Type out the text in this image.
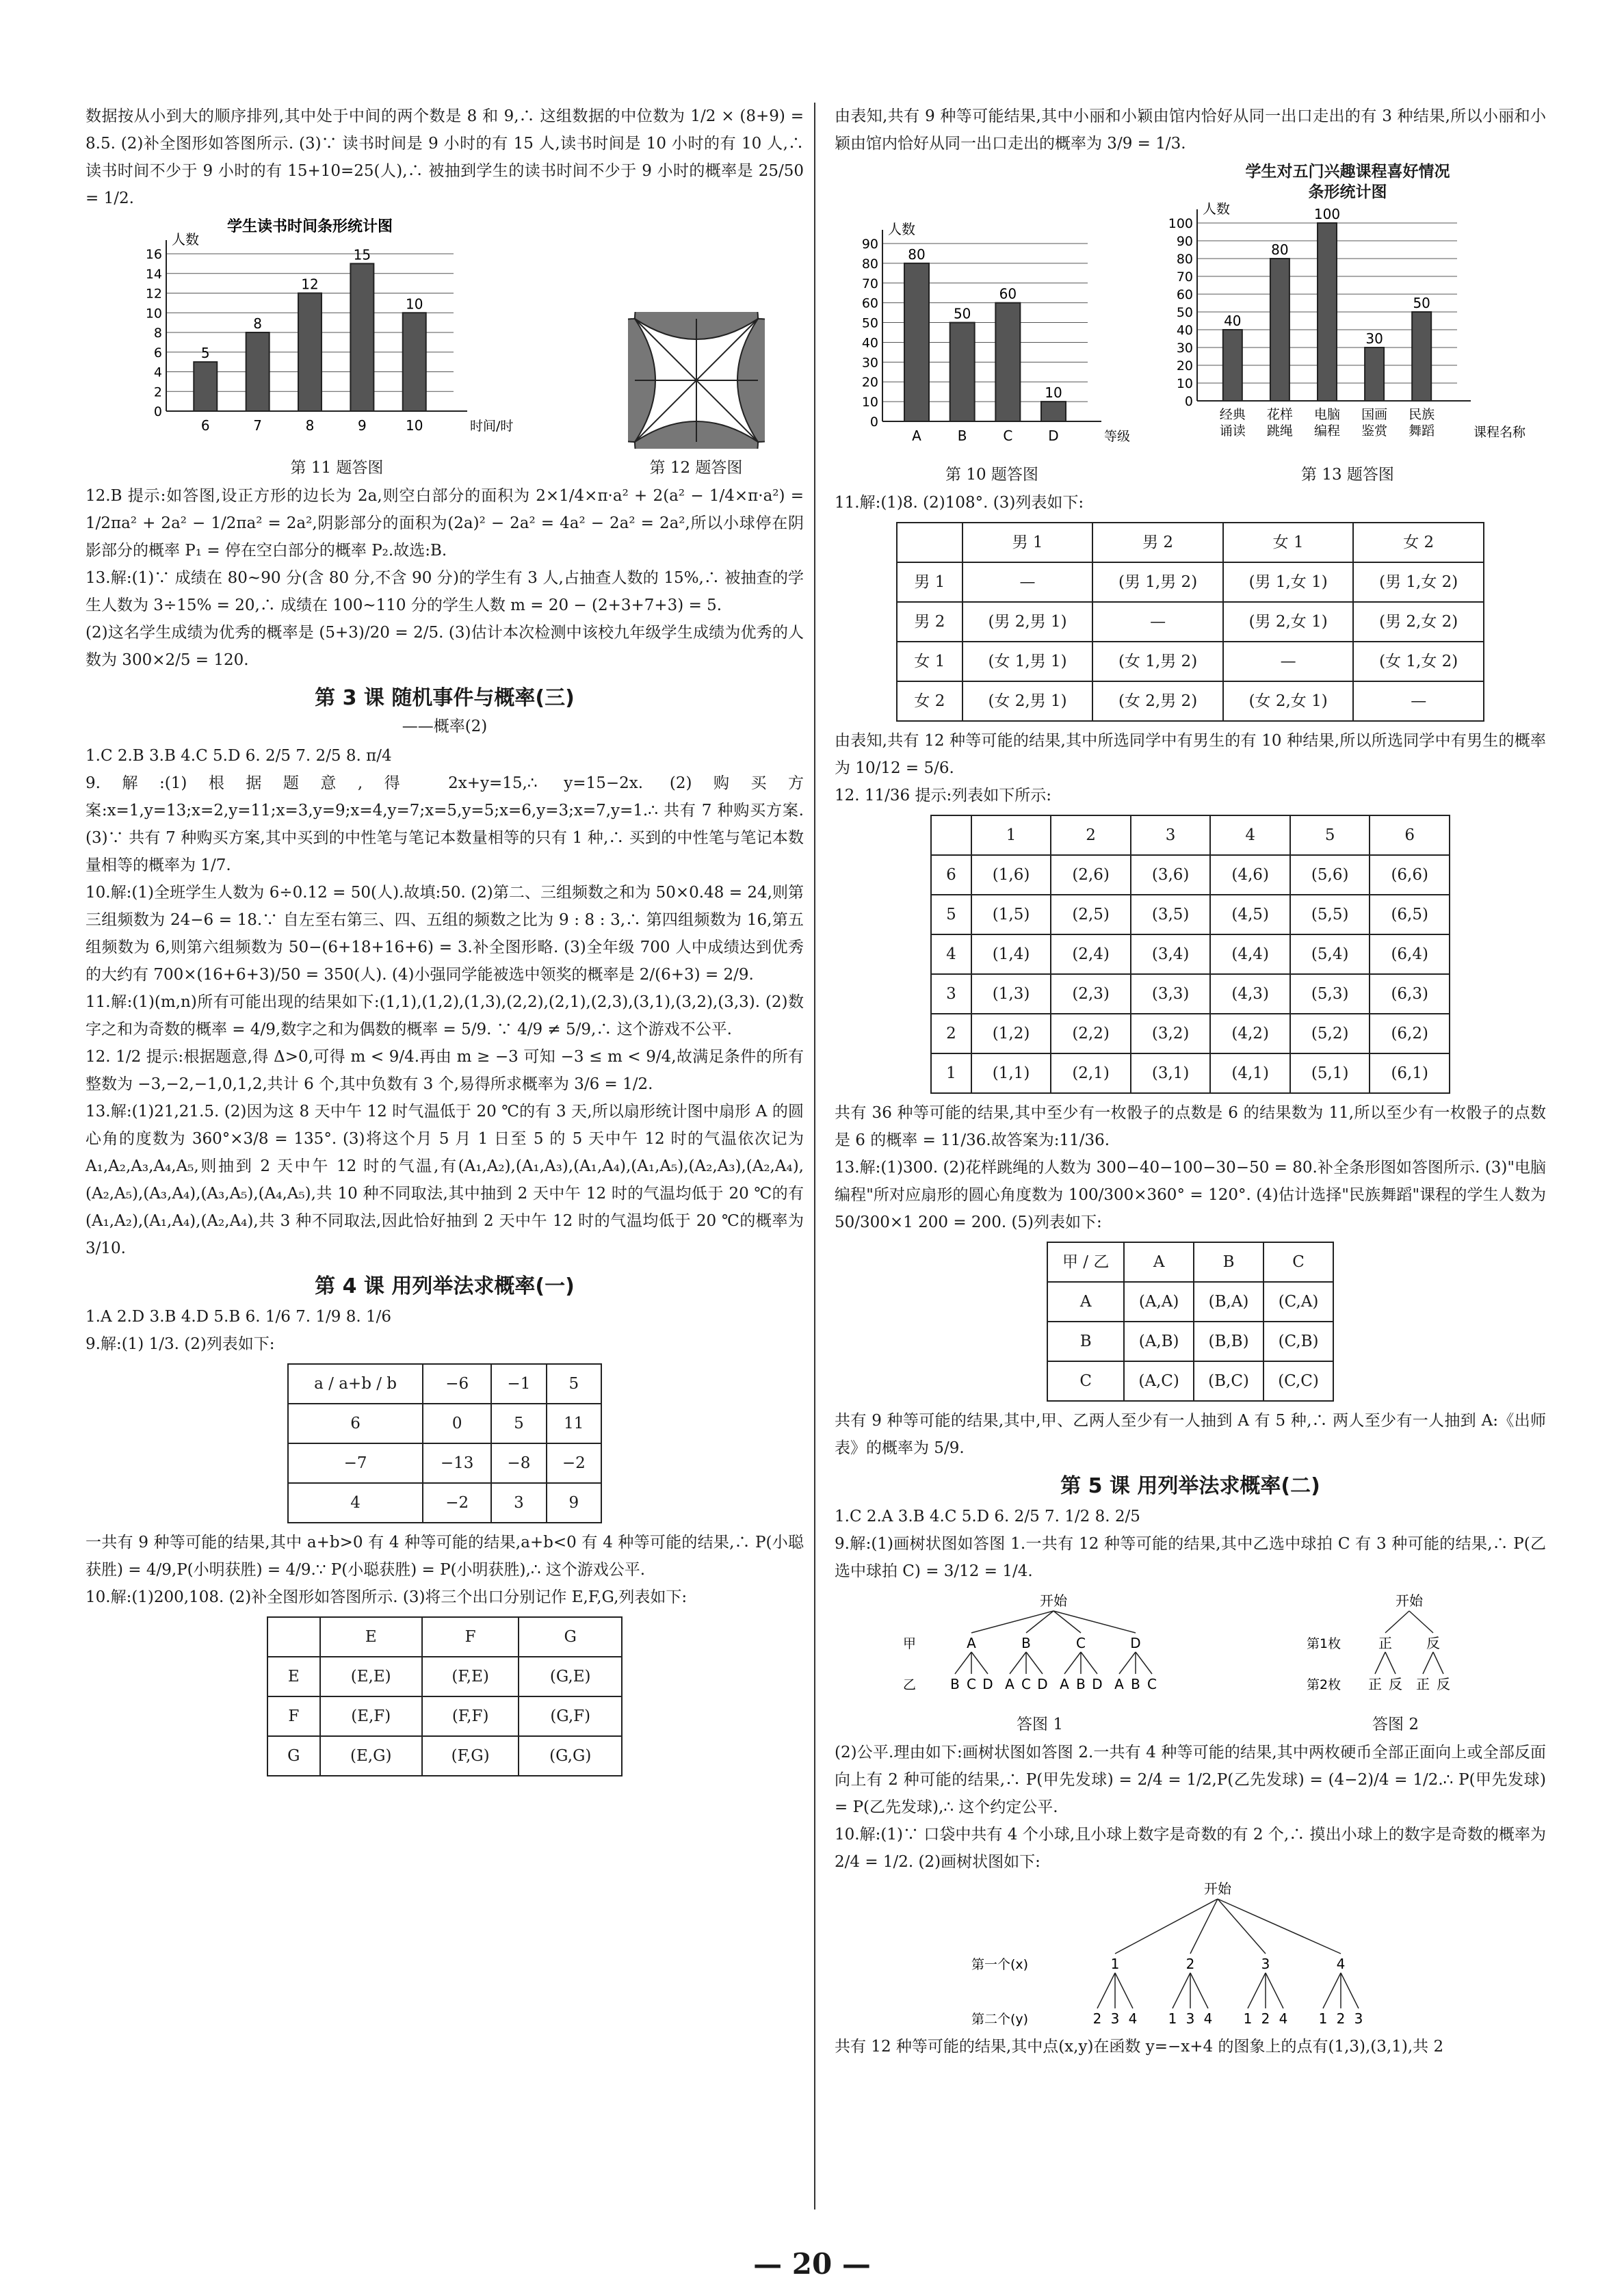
数据按从小到大的顺序排列,其中处于中间的两个数是 8 和 9,∴ 这组数据的中位数为 1/2 × (8+9) = 8.5. (2)补全图形如答图所示. (3)∵ 读书时间是 9 小时的有 15 人,读书时间是 10 小时的有 10 人,∴ 读书时间不少于 9 小时的有 15+10=25(人),∴ 被抽到学生的读书时间不少于 9 小时的概率是 25/50 = 1/2.

学生读书时间条形统计图
人数
0
2
4
6
8
10
12
14
16
时间/时
5
6
8
7
12
8
15
9
10
10
第 11 题答图	第 12 题答图

12.B 提示:如答图,设正方形的边长为 2a,则空白部分的面积为 2×1/4×π·a² + 2(a² − 1/4×π·a²) = 1/2πa² + 2a² − 1/2πa² = 2a²,阴影部分的面积为(2a)² − 2a² = 4a² − 2a² = 2a²,所以小球停在阴影部分的概率 P₁ = 停在空白部分的概率 P₂.故选:B.

13.解:(1)∵ 成绩在 80~90 分(含 80 分,不含 90 分)的学生有 3 人,占抽查人数的 15%,∴ 被抽查的学生人数为 3÷15% = 20,∴ 成绩在 100~110 分的学生人数 m = 20 − (2+3+7+3) = 5.

(2)这名学生成绩为优秀的概率是 (5+3)/20 = 2/5. (3)估计本次检测中该校九年级学生成绩为优秀的人数为 300×2/5 = 120.

第 3 课 随机事件与概率(三)
——概率(2)

1.C 2.B 3.B 4.C 5.D 6. 2/5 7. 2/5 8. π/4

9.解:(1)根据题意,得 2x+y=15,∴ y=15−2x. (2)购买方案:x=1,y=13;x=2,y=11;x=3,y=9;x=4,y=7;x=5,y=5;x=6,y=3;x=7,y=1.∴ 共有 7 种购买方案. (3)∵ 共有 7 种购买方案,其中买到的中性笔与笔记本数量相等的只有 1 种,∴ 买到的中性笔与笔记本数量相等的概率为 1/7.

10.解:(1)全班学生人数为 6÷0.12 = 50(人).故填:50. (2)第二、三组频数之和为 50×0.48 = 24,则第三组频数为 24−6 = 18.∵ 自左至右第三、四、五组的频数之比为 9 : 8 : 3,∴ 第四组频数为 16,第五组频数为 6,则第六组频数为 50−(6+18+16+6) = 3.补全图形略. (3)全年级 700 人中成绩达到优秀的大约有 700×(16+6+3)/50 = 350(人). (4)小强同学能被选中领奖的概率是 2/(6+3) = 2/9.

11.解:(1)(m,n)所有可能出现的结果如下:(1,1),(1,2),(1,3),(2,2),(2,1),(2,3),(3,1),(3,2),(3,3). (2)数字之和为奇数的概率 = 4/9,数字之和为偶数的概率 = 5/9. ∵ 4/9 ≠ 5/9,∴ 这个游戏不公平.

12. 1/2 提示:根据题意,得 Δ>0,可得 m < 9/4.再由 m ≥ −3 可知 −3 ≤ m < 9/4,故满足条件的所有整数为 −3,−2,−1,0,1,2,共计 6 个,其中负数有 3 个,易得所求概率为 3/6 = 1/2.

13.解:(1)21,21.5. (2)因为这 8 天中午 12 时气温低于 20 ℃的有 3 天,所以扇形统计图中扇形 A 的圆心角的度数为 360°×3/8 = 135°. (3)将这个月 5 月 1 日至 5 的 5 天中午 12 时的气温依次记为 A₁,A₂,A₃,A₄,A₅,则抽到 2 天中午 12 时的气温,有(A₁,A₂),(A₁,A₃),(A₁,A₄),(A₁,A₅),(A₂,A₃),(A₂,A₄),(A₂,A₅),(A₃,A₄),(A₃,A₅),(A₄,A₅),共 10 种不同取法,其中抽到 2 天中午 12 时的气温均低于 20 ℃的有(A₁,A₂),(A₁,A₄),(A₂,A₄),共 3 种不同取法,因此恰好抽到 2 天中午 12 时的气温均低于 20 ℃的概率为 3/10.

第 4 课 用列举法求概率(一)

1.A 2.D 3.B 4.D 5.B 6. 1/6 7. 1/9 8. 1/6

9.解:(1) 1/3. (2)列表如下:

a / a+b / b	−6	−1	5
6	0	5	11
−7	−13	−8	−2
4	−2	3	9

一共有 9 种等可能的结果,其中 a+b>0 有 4 种等可能的结果,a+b<0 有 4 种等可能的结果,∴ P(小聪获胜) = 4/9,P(小明获胜) = 4/9.∵ P(小聪获胜) = P(小明获胜),∴ 这个游戏公平.

10.解:(1)200,108. (2)补全图形如答图所示. (3)将三个出口分别记作 E,F,G,列表如下:

	E	F	G
E	(E,E)	(F,E)	(G,E)
F	(E,F)	(F,F)	(G,F)
G	(E,G)	(F,G)	(G,G)

由表知,共有 9 种等可能结果,其中小丽和小颖由馆内恰好从同一出口走出的有 3 种结果,所以小丽和小颖由馆内恰好从同一出口走出的概率为 3/9 = 1/3.

人数
0
10
20
30
40
50
60
70
80
90
等级
80
A
50
B
60
C
10
D
第 10 题答图
学生对五门兴趣课程喜好情况
条形统计图
人数
0
10
20
30
40
50
60
70
80
90
100
课程名称
40
经典
诵读
80
花样
跳绳
100
电脑
编程
30
国画
鉴赏
50
民族
舞蹈
第 13 题答图

11.解:(1)8. (2)108°. (3)列表如下:

	男 1	男 2	女 1	女 2
男 1	—	(男 1,男 2)	(男 1,女 1)	(男 1,女 2)
男 2	(男 2,男 1)	—	(男 2,女 1)	(男 2,女 2)
女 1	(女 1,男 1)	(女 1,男 2)	—	(女 1,女 2)
女 2	(女 2,男 1)	(女 2,男 2)	(女 2,女 1)	—

由表知,共有 12 种等可能的结果,其中所选同学中有男生的有 10 种结果,所以所选同学中有男生的概率为 10/12 = 5/6.

12. 11/36 提示:列表如下所示:

	1	2	3	4	5	6
6	(1,6)	(2,6)	(3,6)	(4,6)	(5,6)	(6,6)
5	(1,5)	(2,5)	(3,5)	(4,5)	(5,5)	(6,5)
4	(1,4)	(2,4)	(3,4)	(4,4)	(5,4)	(6,4)
3	(1,3)	(2,3)	(3,3)	(4,3)	(5,3)	(6,3)
2	(1,2)	(2,2)	(3,2)	(4,2)	(5,2)	(6,2)
1	(1,1)	(2,1)	(3,1)	(4,1)	(5,1)	(6,1)

共有 36 种等可能的结果,其中至少有一枚骰子的点数是 6 的结果数为 11,所以至少有一枚骰子的点数是 6 的概率 = 11/36.故答案为:11/36.

13.解:(1)300. (2)花样跳绳的人数为 300−40−100−30−50 = 80.补全条形图如答图所示. (3)"电脑编程"所对应扇形的圆心角度数为 100/300×360° = 120°. (4)估计选择"民族舞蹈"课程的学生人数为 50/300×1 200 = 200. (5)列表如下:

甲 / 乙	A	B	C
A	(A,A)	(B,A)	(C,A)
B	(A,B)	(B,B)	(C,B)
C	(A,C)	(B,C)	(C,C)

共有 9 种等可能的结果,其中,甲、乙两人至少有一人抽到 A 有 5 种,∴ 两人至少有一人抽到 A:《出师表》的概率为 5/9.

第 5 课 用列举法求概率(二)

1.C 2.A 3.B 4.C 5.D 6. 2/5 7. 1/2 8. 2/5

9.解:(1)画树状图如答图 1.一共有 12 种等可能的结果,其中乙选中球拍 C 有 3 种可能的结果,∴ P(乙选中球拍 C) = 3/12 = 1/4.

开始
甲
乙
A
B C D
B
A C D
C
A B D
D
A B C
答图 1
开始
第1枚
第2枚
正
正 反
反
正 反
答图 2

(2)公平.理由如下:画树状图如答图 2.一共有 4 种等可能的结果,其中两枚硬币全部正面向上或全部反面向上有 2 种可能的结果,∴ P(甲先发球) = 2/4 = 1/2,P(乙先发球) = (4−2)/4 = 1/2.∴ P(甲先发球) = P(乙先发球),∴ 这个约定公平.

10.解:(1)∵ 口袋中共有 4 个小球,且小球上数字是奇数的有 2 个,∴ 摸出小球上的数字是奇数的概率为 2/4 = 1/2. (2)画树状图如下:

开始
第一个(x)
第二个(y)
1
2 3 4
2
1 3 4
3
1 2 4
4
1 2 3

共有 12 种等可能的结果,其中点(x,y)在函数 y=−x+4 的图象上的点有(1,3),(3,1),共 2

— 20 —
